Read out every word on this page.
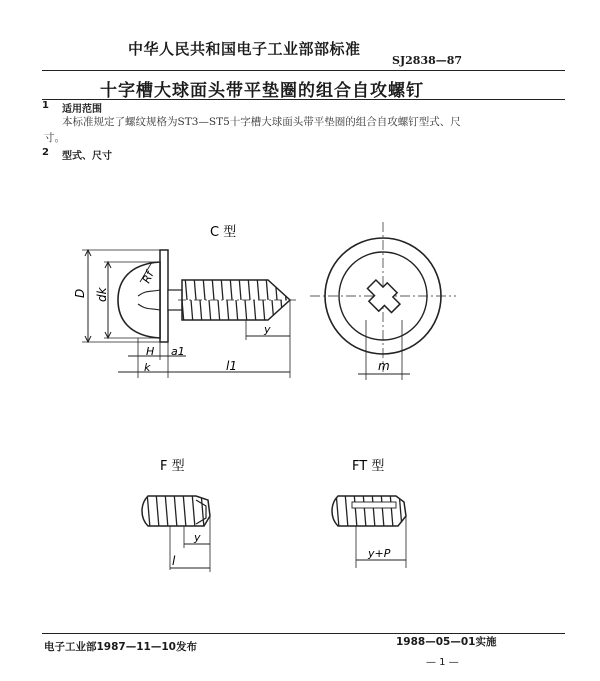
中华人民共和国电子工业部部标准
SJ2838—87
十字槽大球面头带平垫圈的组合自攻螺钉
1 适用范围
本标准规定了螺纹规格为ST3—ST5十字槽大球面头带平垫圈的组合自攻螺钉型式、尺
寸。
2 型式、尺寸
C 型
D dk
Rf
H a1
k	l1
y
m
F 型
y
l
FT 型
y+P
电子工业部1987—11—10发布	1988—05—01实施
— 1 —
